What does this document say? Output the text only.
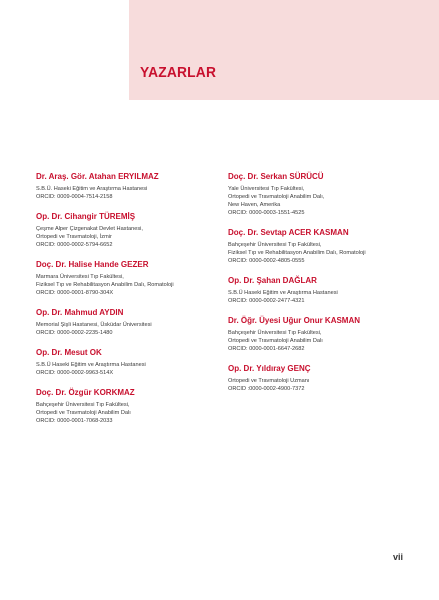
YAZARLAR
Dr. Araş. Gör. Atahan ERYILMAZ
S.B.Ü. Haseki Eğitim ve Araştırma Hastanesi
ORCID: 0009-0004-7514-2158
Op. Dr. Cihangir TÜREMİŞ
Çeşme Alper Çizgenakat Devlet Hastanesi,
Ortopedi ve Travmatoloji, İzmir
ORCID: 0000-0002-5794-6652
Doç. Dr. Halise Hande GEZER
Marmara Üniversitesi Tıp Fakültesi,
Fiziksel Tıp ve Rehabilitasyon Anabilim Dalı, Romatoloji
ORCID: 0000-0001-8790-304X
Op. Dr. Mahmud AYDIN
Memorial Şişli Hastanesi, Üsküdar Üniversitesi
ORCID: 0000-0002-2235-1480
Op. Dr. Mesut OK
S.B.Ü Haseki Eğitim ve Araştırma Hastanesi
ORCID: 0000-0002-9963-514X
Doç. Dr. Özgür KORKMAZ
Bahçeşehir Üniversitesi Tıp Fakültesi,
Ortopedi ve Travmatoloji Anabilim Dalı
ORCID: 0000-0001-7068-2033
Doç. Dr. Serkan SÜRÜCÜ
Yale Üniversitesi Tıp Fakültesi,
Ortopedi ve Travmatoloji Anabilim Dalı,
New Haven, Amerika
ORCID: 0000-0003-1551-4525
Doç. Dr. Sevtap ACER KASMAN
Bahçeşehir Üniversitesi Tıp Fakültesi,
Fiziksel Tıp ve Rehabilitasyon Anabilim Dalı, Romatoloji
ORCID: 0000-0002-4805-0555
Op. Dr. Şahan DAĞLAR
S.B.Ü Haseki Eğitim ve Araştırma Hastanesi
ORCID: 0000-0002-2477-4321
Dr. Öğr. Üyesi Uğur Onur KASMAN
Bahçeşehir Üniversitesi Tıp Fakültesi,
Ortopedi ve Travmatoloji Anabilim Dalı
ORCID: 0000-0001-6647-2682
Op. Dr. Yıldıray GENÇ
Ortopedi ve Travmatoloji Uzmanı
ORCID :0000-0002-4900-7372
vii
